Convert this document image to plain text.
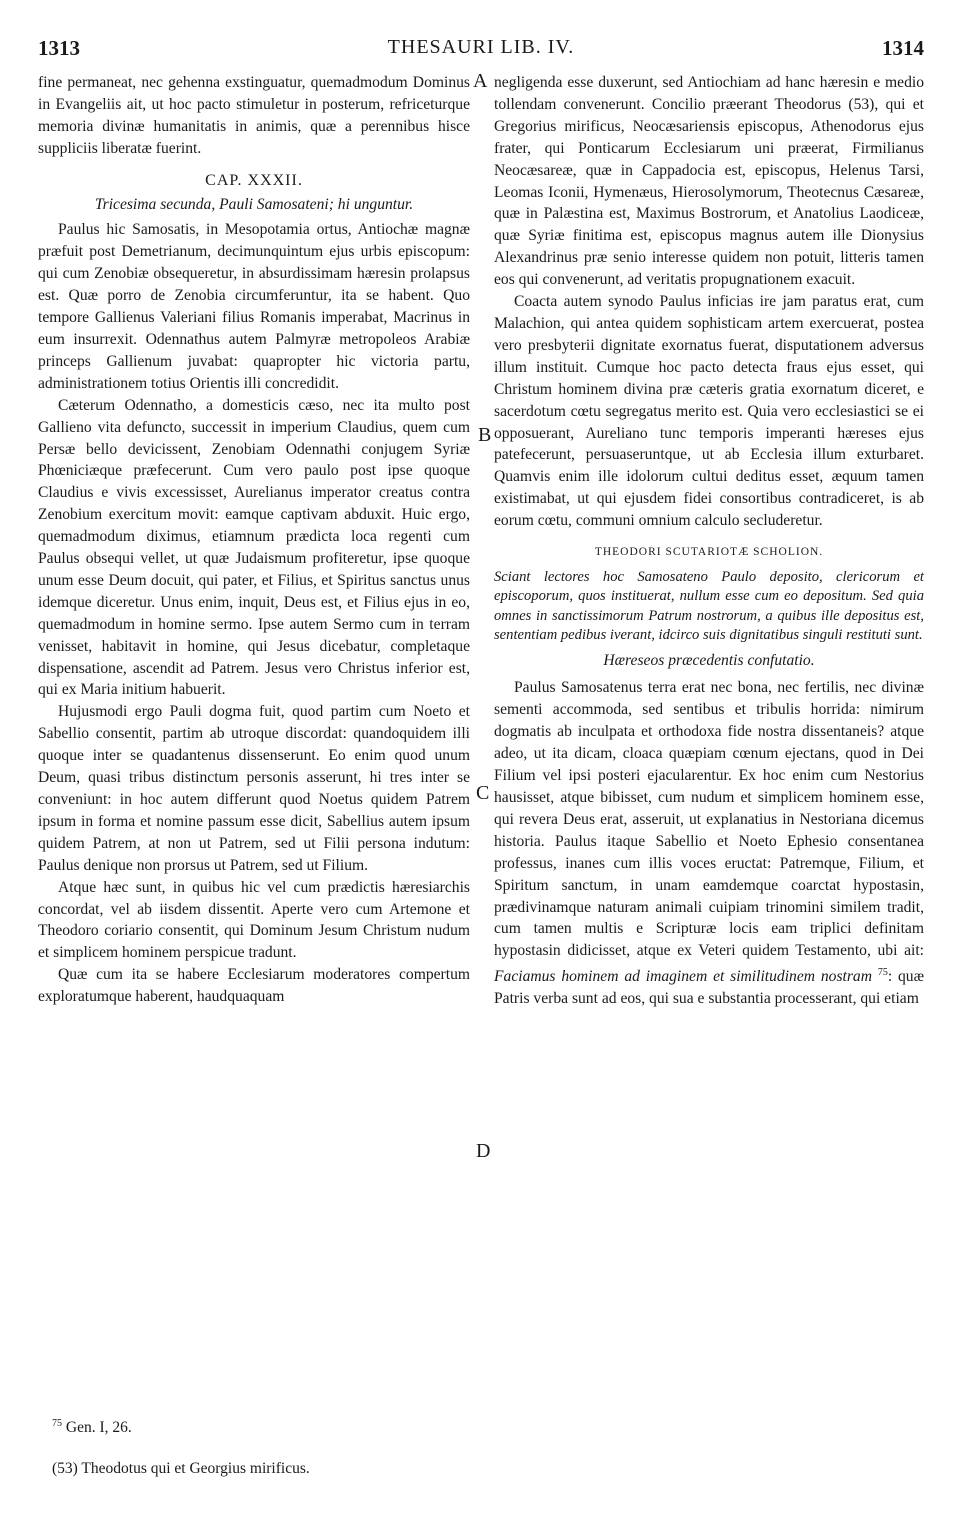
1313	THESAURI LIB. IV.	1314
A
B
C
D

fine permaneat, nec gehenna exstinguatur, quemadmodum Dominus in Evangeliis ait, ut hoc pacto stimuletur in posterum, refriceturque memoria divinæ humanitatis in animis, quæ a perennibus hisce suppliciis liberatæ fuerint.

CAP. XXXII.
Tricesima secunda, Pauli Samosateni; hi unguntur.

Paulus hic Samosatis, in Mesopotamia ortus, Antiochæ magnæ præfuit post Demetrianum, decimunquintum ejus urbis episcopum: qui cum Zenobiæ obsequeretur, in absurdissimam hæresin prolapsus est. Quæ porro de Zenobia circumferuntur, ita se habent. Quo tempore Gallienus Valeriani filius Romanis imperabat, Macrinus in eum insurrexit. Odennathus autem Palmyræ metropoleos Arabiæ princeps Gallienum juvabat: quapropter hic victoria partu, administrationem totius Orientis illi concredidit.

Cæterum Odennatho, a domesticis cæso, nec ita multo post Gallieno vita defuncto, successit in imperium Claudius, quem cum Persæ bello devicissent, Zenobiam Odennathi conjugem Syriæ Phœniciæque præfecerunt. Cum vero paulo post ipse quoque Claudius e vivis excessisset, Aurelianus imperator creatus contra Zenobium exercitum movit: eamque captivam abduxit. Huic ergo, quemadmodum diximus, etiamnum prædicta loca regenti cum Paulus obsequi vellet, ut quæ Judaismum profiteretur, ipse quoque unum esse Deum docuit, qui pater, et Filius, et Spiritus sanctus unus idemque diceretur. Unus enim, inquit, Deus est, et Filius ejus in eo, quemadmodum in homine sermo. Ipse autem Sermo cum in terram venisset, habitavit in homine, qui Jesus dicebatur, completaque dispensatione, ascendit ad Patrem. Jesus vero Christus inferior est, qui ex Maria initium habuerit.

Hujusmodi ergo Pauli dogma fuit, quod partim cum Noeto et Sabellio consentit, partim ab utroque discordat: quandoquidem illi quoque inter se quadantenus dissenserunt. Eo enim quod unum Deum, quasi tribus distinctum personis asserunt, hi tres inter se conveniunt: in hoc autem differunt quod Noetus quidem Patrem ipsum in forma et nomine passum esse dicit, Sabellius autem ipsum quidem Patrem, at non ut Patrem, sed ut Filii persona indutum: Paulus denique non prorsus ut Patrem, sed ut Filium.

Atque hæc sunt, in quibus hic vel cum prædictis hæresiarchis concordat, vel ab iisdem dissentit. Aperte vero cum Artemone et Theodoro coriario consentit, qui Dominum Jesum Christum nudum et simplicem hominem perspicue tradunt.

Quæ cum ita se haberе Ecclesiarum moderatores compertum exploratumque haberent, haudquaquam

negligenda esse duxerunt, sed Antiochiam ad hanc hæresin e medio tollendam convenerunt. Concilio præerant Theodorus (53), qui et Gregorius mirificus, Neocæsariensis episcopus, Athenodorus ejus frater, qui Ponticarum Ecclesiarum uni præerat, Firmilianus Neocæsareæ, quæ in Cappadocia est, episcopus, Helenus Tarsi, Leomas Iconii, Hymenæus, Hierosolymorum, Theotecnus Cæsareæ, quæ in Palæstina est, Maximus Bostrorum, et Anatolius Laodiceæ, quæ Syriæ finitima est, episcopus magnus autem ille Dionysius Alexandrinus præ senio interesse quidem non potuit, litteris tamen eos qui convenerunt, ad veritatis propugnationem exacuit.

Coacta autem synodo Paulus inficias ire jam paratus erat, cum Malachion, qui antea quidem sophisticam artem exercuerat, postea vero presbyterii dignitate exornatus fuerat, disputationem adversus illum instituit. Cumque hoc pacto detecta fraus ejus esset, qui Christum hominem divina præ cæteris gratia exornatum diceret, e sacerdotum cœtu segregatus merito est. Quia vero ecclesiastici se ei opposuerant, Aureliano tunc temporis imperanti hæreses ejus patefecerunt, persuaseruntque, ut ab Ecclesia illum exturbaret. Quamvis enim ille idolorum cultui deditus esset, æquum tamen existimabat, ut qui ejusdem fidei consortibus contradiceret, is ab eorum cœtu, communi omnium calculo secluderetur.

THEODORI SCUTARIOTÆ SCHOLION.

Sciant lectores hoc Samosateno Paulo deposito, clericorum et episcoporum, quos instituerat, nullum esse cum eo depositum. Sed quia omnes in sanctissimorum Patrum nostrorum, a quibus ille depositus est, sententiam pedibus iverant, idcirco suis dignitatibus singuli restituti sunt.

Hæreseos præcedentis confutatio.

Paulus Samosatenus terra erat nec bona, nec fertilis, nec divinæ sementi accommoda, sed sentibus et tribulis horrida: nimirum dogmatis ab inculpata et orthodoxa fide nostra dissentaneis? atque adeo, ut ita dicam, cloaca quæpiam cœnum ejectans, quod in Dei Filium vel ipsi posteri ejacularentur. Ex hoc enim cum Nestorius hausisset, atque bibisset, cum nudum et simplicem hominem esse, qui revera Deus erat, asseruit, ut explanatius in Nestoriana dicemus historia. Paulus itaque Sabellio et Noeto Ephesio consentanea professus, inanes cum illis voces eructat: Patremque, Filium, et Spiritum sanctum, in unam eamdemque coarctat hypostasin, prædivinamque naturam animali cuipiam trinomini similem tradit, cum tamen multis e Scripturæ locis eam triplici definitam hypostasin didicisset, atque ex Veteri quidem Testamento, ubi ait: Faciamus hominem ad imaginem et similitudinem nostram $^{75}$: quæ Patris verba sunt ad eos, qui sua e substantia processerant, qui etiam

$^{75}$ Gen. I, 26.
(53) Theodotus qui et Georgius mirificus.
